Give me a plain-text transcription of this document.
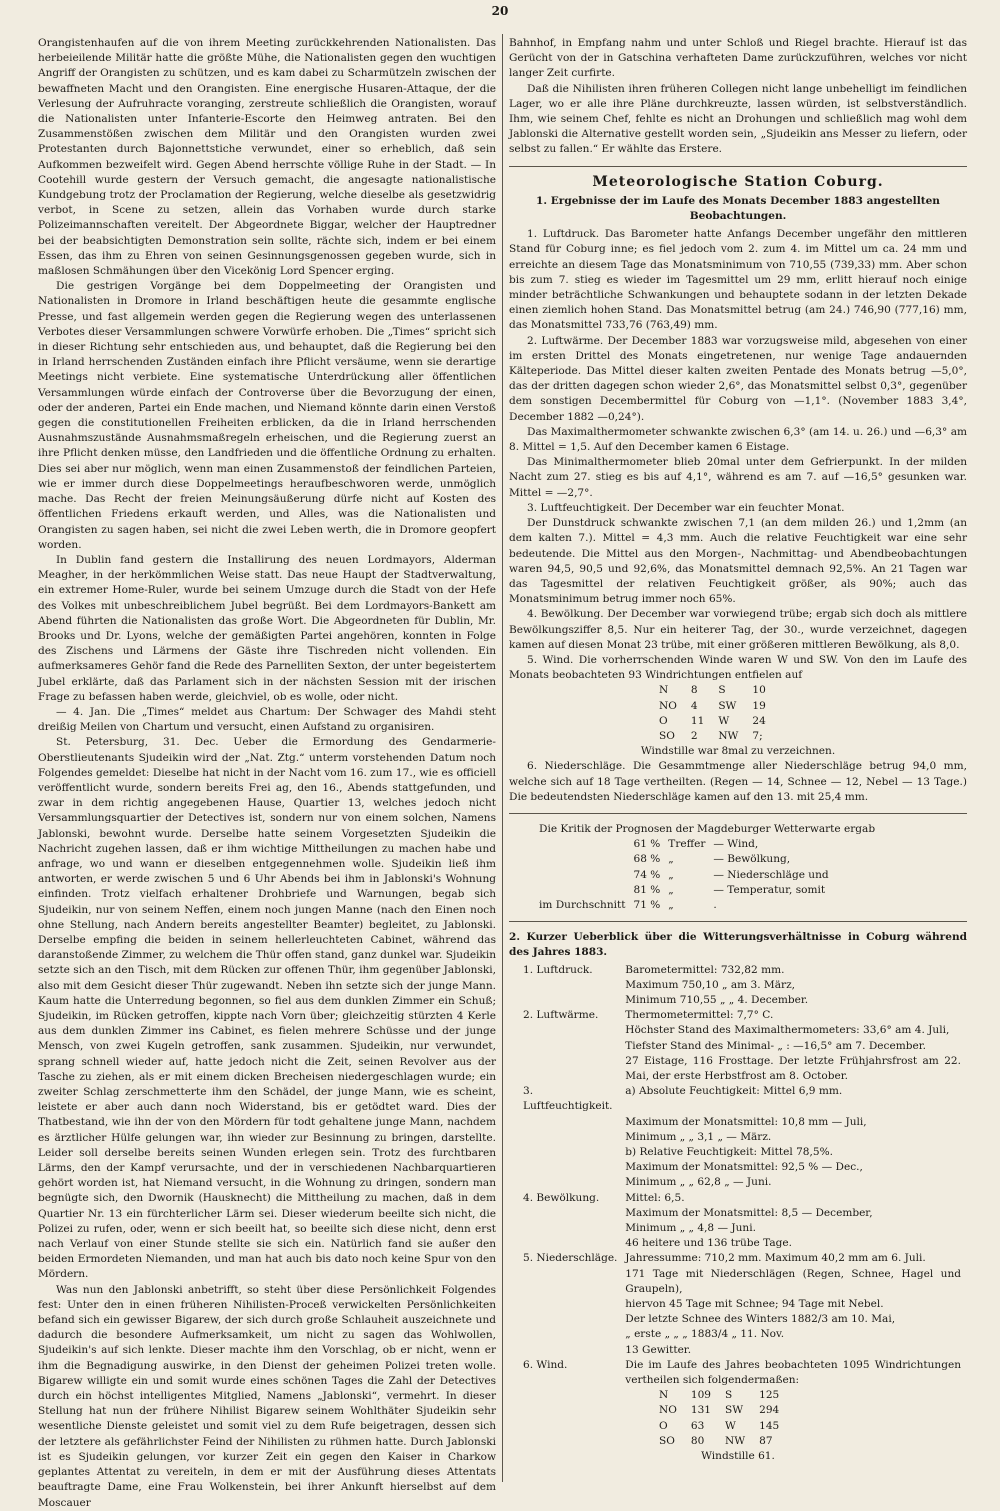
20

Orangistenhaufen auf die von ihrem Meeting zurückkehrenden Nationalisten. Das herbeieilende Militär hatte die größte Mühe, die Nationalisten gegen den wuchtigen Angriff der Orangisten zu schützen, und es kam dabei zu Scharmützeln zwischen der bewaffneten Macht und den Orangisten. Eine energische Husaren-Attaque, der die Verlesung der Aufruhracte voranging, zerstreute schließlich die Orangisten, worauf die Nationalisten unter Infanterie-Escorte den Heimweg antraten. Bei den Zusammenstößen zwischen dem Militär und den Orangisten wurden zwei Protestanten durch Bajonnettstiche verwundet, einer so erheblich, daß sein Aufkommen bezweifelt wird. Gegen Abend herrschte völlige Ruhe in der Stadt. — In Cootehill wurde gestern der Versuch gemacht, die angesagte nationalistische Kundgebung trotz der Proclamation der Regierung, welche dieselbe als gesetzwidrig verbot, in Scene zu setzen, allein das Vorhaben wurde durch starke Polizeimannschaften vereitelt. Der Abgeordnete Biggar, welcher der Hauptredner bei der beabsichtigten Demonstration sein sollte, rächte sich, indem er bei einem Essen, das ihm zu Ehren von seinen Gesinnungsgenossen gegeben wurde, sich in maßlosen Schmähungen über den Vicekönig Lord Spencer erging.

Die gestrigen Vorgänge bei dem Doppelmeeting der Orangisten und Nationalisten in Dromore in Irland beschäftigen heute die gesammte englische Presse, und fast allgemein werden gegen die Regierung wegen des unterlassenen Verbotes dieser Versammlungen schwere Vorwürfe erhoben. Die „Times“ spricht sich in dieser Richtung sehr entschieden aus, und behauptet, daß die Regierung bei den in Irland herrschenden Zuständen einfach ihre Pflicht versäume, wenn sie derartige Meetings nicht verbiete. Eine systematische Unterdrückung aller öffentlichen Versammlungen würde einfach der Controverse über die Bevorzugung der einen, oder der anderen, Partei ein Ende machen, und Niemand könnte darin einen Verstoß gegen die constitutionellen Freiheiten erblicken, da die in Irland herrschenden Ausnahmszustände Ausnahmsmaßregeln erheischen, und die Regierung zuerst an ihre Pflicht denken müsse, den Landfrieden und die öffentliche Ordnung zu erhalten. Dies sei aber nur möglich, wenn man einen Zusammenstoß der feindlichen Parteien, wie er immer durch diese Doppelmeetings heraufbeschworen werde, unmöglich mache. Das Recht der freien Meinungsäußerung dürfe nicht auf Kosten des öffentlichen Friedens erkauft werden, und Alles, was die Nationalisten und Orangisten zu sagen haben, sei nicht die zwei Leben werth, die in Dromore geopfert worden.

In Dublin fand gestern die Installirung des neuen Lordmayors, Alderman Meagher, in der herkömmlichen Weise statt. Das neue Haupt der Stadtverwaltung, ein extremer Home-Ruler, wurde bei seinem Umzuge durch die Stadt von der Hefe des Volkes mit unbeschreiblichem Jubel begrüßt. Bei dem Lordmayors-Bankett am Abend führten die Nationalisten das große Wort. Die Abgeordneten für Dublin, Mr. Brooks und Dr. Lyons, welche der gemäßigten Partei angehören, konnten in Folge des Zischens und Lärmens der Gäste ihre Tischreden nicht vollenden. Ein aufmerksameres Gehör fand die Rede des Parnelliten Sexton, der unter begeistertem Jubel erklärte, daß das Parlament sich in der nächsten Session mit der irischen Frage zu befassen haben werde, gleichviel, ob es wolle, oder nicht.

— 4. Jan. Die „Times“ meldet aus Chartum: Der Schwager des Mahdi steht dreißig Meilen von Chartum und versucht, einen Aufstand zu organisiren.

St. Petersburg, 31. Dec. Ueber die Ermordung des Gendarmerie-Oberstlieutenants Sjudeikin wird der „Nat. Ztg.“ unterm vorstehenden Datum noch Folgendes gemeldet: Dieselbe hat nicht in der Nacht vom 16. zum 17., wie es officiell veröffentlicht wurde, sondern bereits Frei ag, den 16., Abends stattgefunden, und zwar in dem richtig angegebenen Hause, Quartier 13, welches jedoch nicht Versammlungsquartier der Detectives ist, sondern nur von einem solchen, Namens Jablonski, bewohnt wurde. Derselbe hatte seinem Vorgesetzten Sjudeikin die Nachricht zugehen lassen, daß er ihm wichtige Mittheilungen zu machen habe und anfrage, wo und wann er dieselben entgegennehmen wolle. Sjudeikin ließ ihm antworten, er werde zwischen 5 und 6 Uhr Abends bei ihm in Jablonski's Wohnung einfinden. Trotz vielfach erhaltener Drohbriefe und Warnungen, begab sich Sjudeikin, nur von seinem Neffen, einem noch jungen Manne (nach den Einen noch ohne Stellung, nach Andern bereits angestellter Beamter) begleitet, zu Jablonski. Derselbe empfing die beiden in seinem hellerleuchteten Cabinet, während das daranstoßende Zimmer, zu welchem die Thür offen stand, ganz dunkel war. Sjudeikin setzte sich an den Tisch, mit dem Rücken zur offenen Thür, ihm gegenüber Jablonski, also mit dem Gesicht dieser Thür zugewandt. Neben ihn setzte sich der junge Mann. Kaum hatte die Unterredung begonnen, so fiel aus dem dunklen Zimmer ein Schuß; Sjudeikin, im Rücken getroffen, kippte nach Vorn über; gleichzeitig stürzten 4 Kerle aus dem dunklen Zimmer ins Cabinet, es fielen mehrere Schüsse und der junge Mensch, von zwei Kugeln getroffen, sank zusammen. Sjudeikin, nur verwundet, sprang schnell wieder auf, hatte jedoch nicht die Zeit, seinen Revolver aus der Tasche zu ziehen, als er mit einem dicken Brecheisen niedergeschlagen wurde; ein zweiter Schlag zerschmetterte ihm den Schädel, der junge Mann, wie es scheint, leistete er aber auch dann noch Widerstand, bis er getödtet ward. Dies der Thatbestand, wie ihn der von den Mördern für todt gehaltene junge Mann, nachdem es ärztlicher Hülfe gelungen war, ihn wieder zur Besinnung zu bringen, darstellte. Leider soll derselbe bereits seinen Wunden erlegen sein. Trotz des furchtbaren Lärms, den der Kampf verursachte, und der in verschiedenen Nachbarquartieren gehört worden ist, hat Niemand versucht, in die Wohnung zu dringen, sondern man begnügte sich, den Dwornik (Hausknecht) die Mittheilung zu machen, daß in dem Quartier Nr. 13 ein fürchterlicher Lärm sei. Dieser wiederum beeilte sich nicht, die Polizei zu rufen, oder, wenn er sich beeilt hat, so beeilte sich diese nicht, denn erst nach Verlauf von einer Stunde stellte sie sich ein. Natürlich fand sie außer den beiden Ermordeten Niemanden, und man hat auch bis dato noch keine Spur von den Mördern.

Was nun den Jablonski anbetrifft, so steht über diese Persönlichkeit Folgendes fest: Unter den in einen früheren Nihilisten-Proceß verwickelten Persönlichkeiten befand sich ein gewisser Bigarew, der sich durch große Schlauheit auszeichnete und dadurch die besondere Aufmerksamkeit, um nicht zu sagen das Wohlwollen, Sjudeikin's auf sich lenkte. Dieser machte ihm den Vorschlag, ob er nicht, wenn er ihm die Begnadigung auswirke, in den Dienst der geheimen Polizei treten wolle. Bigarew willigte ein und somit wurde eines schönen Tages die Zahl der Detectives durch ein höchst intelligentes Mitglied, Namens „Jablonski“, vermehrt. In dieser Stellung hat nun der frühere Nihilist Bigarew seinem Wohlthäter Sjudeikin sehr wesentliche Dienste geleistet und somit viel zu dem Rufe beigetragen, dessen sich der letztere als gefährlichster Feind der Nihilisten zu rühmen hatte. Durch Jablonski ist es Sjudeikin gelungen, vor kurzer Zeit ein gegen den Kaiser in Charkow geplantes Attentat zu vereiteln, in dem er mit der Ausführung dieses Attentats beauftragte Dame, eine Frau Wolkenstein, bei ihrer Ankunft hierselbst auf dem Moscauer

Bahnhof, in Empfang nahm und unter Schloß und Riegel brachte. Hierauf ist das Gerücht von der in Gatschina verhafteten Dame zurückzuführen, welches vor nicht langer Zeit curfirte.

Daß die Nihilisten ihren früheren Collegen nicht lange unbehelligt im feindlichen Lager, wo er alle ihre Pläne durchkreuzte, lassen würden, ist selbstverständlich. Ihm, wie seinem Chef, fehlte es nicht an Drohungen und schließlich mag wohl dem Jablonski die Alternative gestellt worden sein, „Sjudeikin ans Messer zu liefern, oder selbst zu fallen.“ Er wählte das Erstere.

Meteorologische Station Coburg.
1. Ergebnisse der im Laufe des Monats December 1883 angestellten Beobachtungen.

1. Luftdruck. Das Barometer hatte Anfangs December ungefähr den mittleren Stand für Coburg inne; es fiel jedoch vom 2. zum 4. im Mittel um ca. 24 mm und erreichte an diesem Tage das Monatsminimum von 710,55 (739,33) mm. Aber schon bis zum 7. stieg es wieder im Tagesmittel um 29 mm, erlitt hierauf noch einige minder beträchtliche Schwankungen und behauptete sodann in der letzten Dekade einen ziemlich hohen Stand. Das Monatsmittel betrug (am 24.) 746,90 (777,16) mm, das Monatsmittel 733,76 (763,49) mm.

2. Luftwärme. Der December 1883 war vorzugsweise mild, abgesehen von einer im ersten Drittel des Monats eingetretenen, nur wenige Tage andauernden Kälteperiode. Das Mittel dieser kalten zweiten Pentade des Monats betrug —5,0°, das der dritten dagegen schon wieder 2,6°, das Monatsmittel selbst 0,3°, gegenüber dem sonstigen Decembermittel für Coburg von —1,1°. (November 1883 3,4°, December 1882 —0,24°).

Das Maximalthermometer schwankte zwischen 6,3° (am 14. u. 26.) und —6,3° am 8. Mittel = 1,5. Auf den December kamen 6 Eistage.

Das Minimalthermometer blieb 20mal unter dem Gefrierpunkt. In der milden Nacht zum 27. stieg es bis auf 4,1°, während es am 7. auf —16,5° gesunken war. Mittel = —2,7°.

3. Luftfeuchtigkeit. Der December war ein feuchter Monat.

Der Dunstdruck schwankte zwischen 7,1 (an dem milden 26.) und 1,2mm (an dem kalten 7.). Mittel = 4,3 mm. Auch die relative Feuchtigkeit war eine sehr bedeutende. Die Mittel aus den Morgen-, Nachmittag- und Abendbeobachtungen waren 94,5, 90,5 und 92,6%, das Monatsmittel demnach 92,5%. An 21 Tagen war das Tagesmittel der relativen Feuchtigkeit größer, als 90%; auch das Monatsminimum betrug immer noch 65%.

4. Bewölkung. Der December war vorwiegend trübe; ergab sich doch als mittlere Bewölkungsziffer 8,5. Nur ein heiterer Tag, der 30., wurde verzeichnet, dagegen kamen auf diesen Monat 23 trübe, mit einer größeren mittleren Bewölkung, als 8,0.

5. Wind. Die vorherrschenden Winde waren W und SW. Von den im Laufe des Monats beobachteten 93 Windrichtungen entfielen auf

N	8	S	10
NO	4	SW	19
O	11	W	24
SO	2	NW	7;
Windstille war 8mal zu verzeichnen.

6. Niederschläge. Die Gesammtmenge aller Niederschläge betrug 94,0 mm, welche sich auf 18 Tage vertheilten. (Regen — 14, Schnee — 12, Nebel — 13 Tage.) Die bedeutendsten Niederschläge kamen auf den 13. mit 25,4 mm.

Die Kritik der Prognosen der Magdeburger Wetterwarte ergab

	61 %	Treffer	— Wind,
	68 %	„	— Bewölkung,
	74 %	„	— Niederschläge und
	81 %	„	— Temperatur, somit
im Durchschnitt	71 %	„	.
2. Kurzer Ueberblick über die Witterungsverhältnisse in Coburg während des Jahres 1883.
1. Luftdruck.	Barometermittel: 732,82 mm.
	Maximum 750,10 „ am 3. März,
	Minimum 710,55 „ „ 4. December.
2. Luftwärme.	Thermometermittel: 7,7° C.
	Höchster Stand des Maximalthermometers: 33,6° am 4. Juli,
	Tiefster Stand des Minimal- „ : —16,5° am 7. December.
	27 Eistage, 116 Frosttage. Der letzte Frühjahrsfrost am 22. Mai, der erste Herbstfrost am 8. October.
3. Luftfeuchtigkeit.	a) Absolute Feuchtigkeit: Mittel 6,9 mm.
	Maximum der Monatsmittel: 10,8 mm — Juli,
	Minimum „ „ 3,1 „ — März.
	b) Relative Feuchtigkeit: Mittel 78,5%.
	Maximum der Monatsmittel: 92,5 % — Dec.,
	Minimum „ „ 62,8 „ — Juni.
4. Bewölkung.	Mittel: 6,5.
	Maximum der Monatsmittel: 8,5 — December,
	Minimum „ „ 4,8 — Juni.
	46 heitere und 136 trübe Tage.
5. Niederschläge.	Jahressumme: 710,2 mm. Maximum 40,2 mm am 6. Juli.
	171 Tage mit Niederschlägen (Regen, Schnee, Hagel und Graupeln),
	hiervon 45 Tage mit Schnee; 94 Tage mit Nebel.
	Der letzte Schnee des Winters 1882/3 am 10. Mai,
	„ erste „ „ „ 1883/4 „ 11. Nov.
	13 Gewitter.
6. Wind.	Die im Laufe des Jahres beobachteten 1095 Windrichtungen vertheilen sich folgendermaßen:
N	109	S	125
NO	131	SW	294
O	63	W	145
SO	80	NW	87
Windstille 61.
